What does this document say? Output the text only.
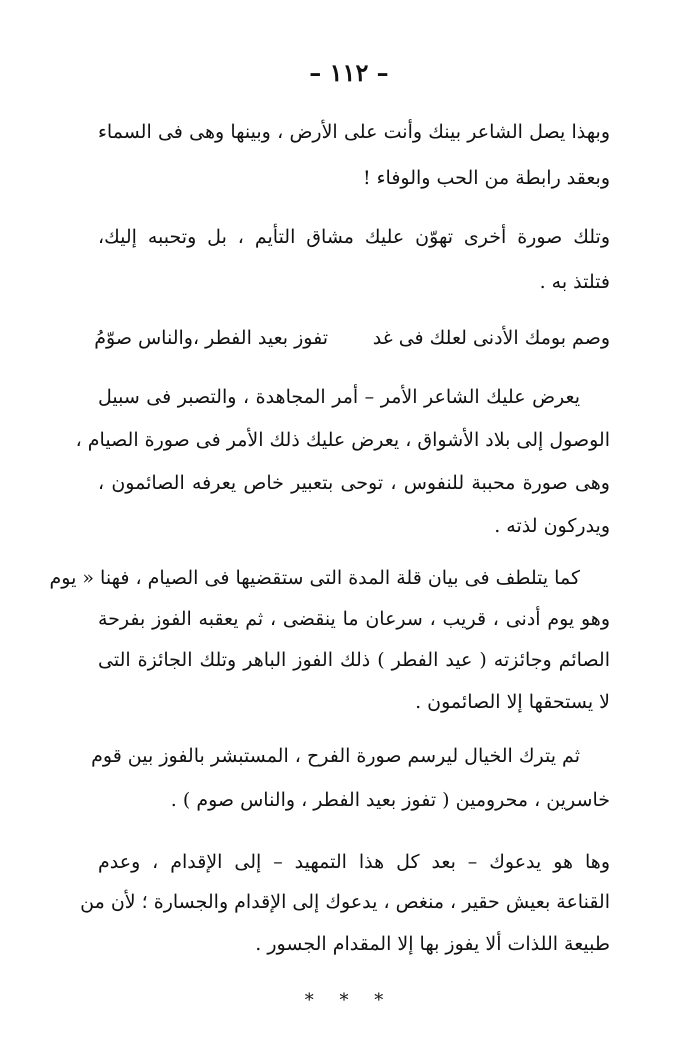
– ١١٢ –
وبهذا يصل الشاعر بينك وأنت على الأرض ، وبينها وهى فى السماء
وبعقد رابطة من الحب والوفاء !
وتلك صورة أخرى تهوّن عليك مشاق التأيم ، بل وتحببه إليك،
فتلتذ به .
وصم بومك الأدنى لعلك فى غد
تفوز بعيد الفطر ،والناس صوّمُ
يعرض عليك الشاعر الأمر – أمر المجاهدة ، والتصبر فى سبيل
الوصول إلى بلاد الأشواق ، يعرض عليك ذلك الأمر فى صورة الصيام ،
وهى صورة محببة للنفوس ، توحى بتعبير خاص يعرفه الصائمون ،
ويدركون لذته .
كما يتلطف فى بيان قلة المدة التى ستقضيها فى الصيام ، فهنا « يوم
وهو يوم أدنى ، قريب ، سرعان ما ينقضى ، ثم يعقبه الفوز بفرحة
الصائم وجائزته ( عيد الفطر ) ذلك الفوز الباهر وتلك الجائزة التى
لا يستحقها إلا الصائمون .
ثم يترك الخيال ليرسم صورة الفرح ، المستبشر بالفوز بين قوم
خاسرين ، محرومين ( تفوز بعيد الفطر ، والناس صوم ) .
وها هو يدعوك – بعد كل هذا التمهيد – إلى الإقدام ، وعدم
القناعة بعيش حقير ، منغص ، يدعوك إلى الإقدام والجسارة ؛ لأن من
طبيعة اللذات ألا يفوز بها إلا المقدام الجسور .
* * *
